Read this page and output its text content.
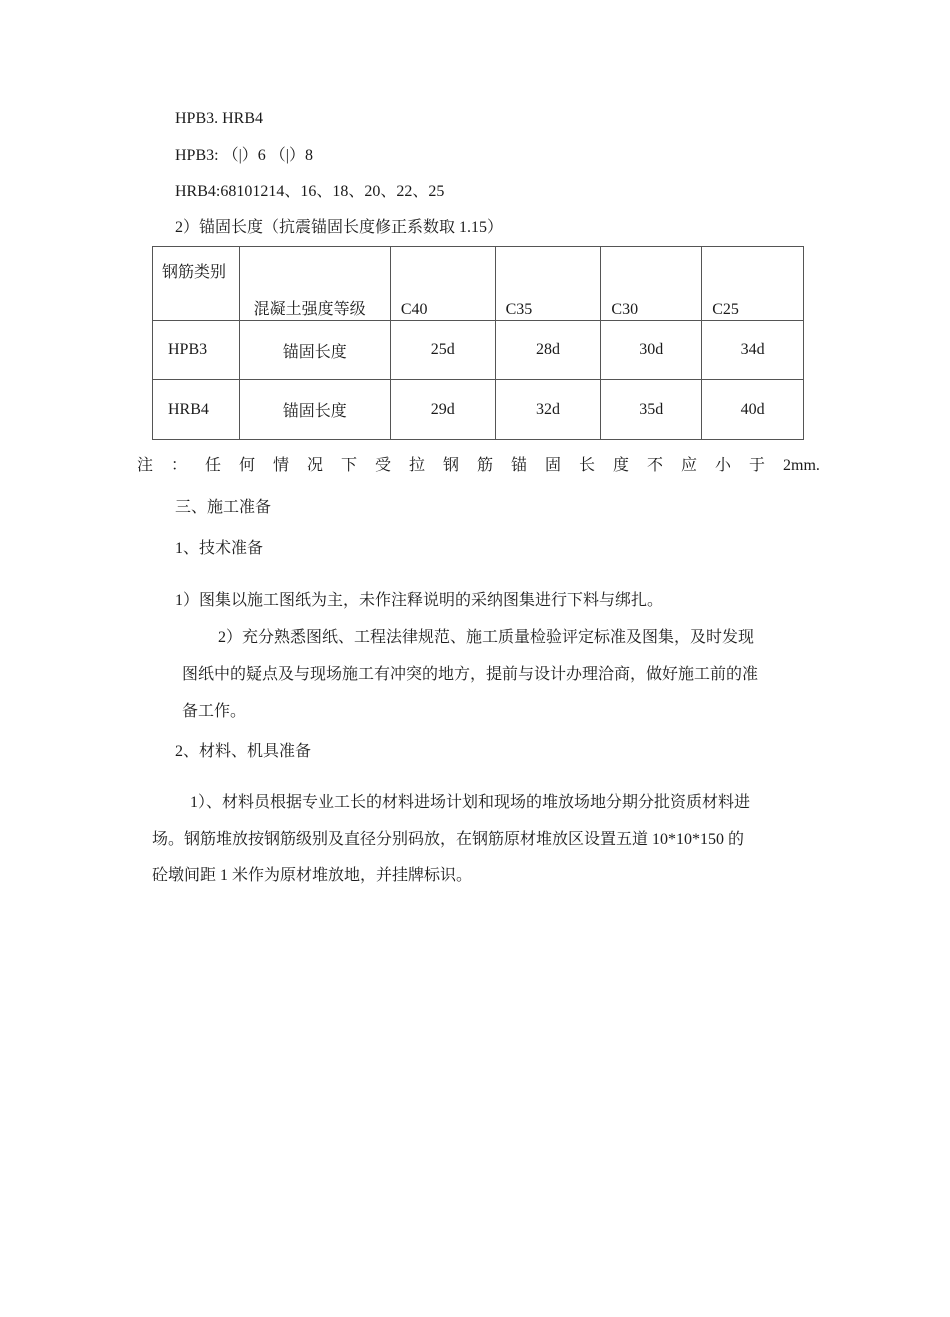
HPB3. HRB4
HPB3: （|）6 （|）8
HRB4:68101214、16、18、20、22、25
2）锚固长度（抗震锚固长度修正系数取 1.15）
钢筋类别	混凝土强度等级	C40	C35	C30	C25

HPB3	锚固长度	25d	28d	30d	34d
HRB4	锚固长度	29d	32d	35d	40d
注 ： 任 何 情 况 下 受 拉 钢 筋 锚 固 长 度 不 应 小 于 2mm.
三、施工准备
1、技术准备
1）图集以施工图纸为主，未作注释说明的采纳图集进行下料与绑扎。
2）充分熟悉图纸、工程法律规范、施工质量检验评定标准及图集，及时发现
图纸中的疑点及与现场施工有冲突的地方，提前与设计办理洽商，做好施工前的准
备工作。
2、材料、机具准备
1）、材料员根据专业工长的材料进场计划和现场的堆放场地分期分批资质材料进
场。钢筋堆放按钢筋级别及直径分别码放，在钢筋原材堆放区设置五道 10*10*150 的
砼墩间距 1 米作为原材堆放地，并挂牌标识。
